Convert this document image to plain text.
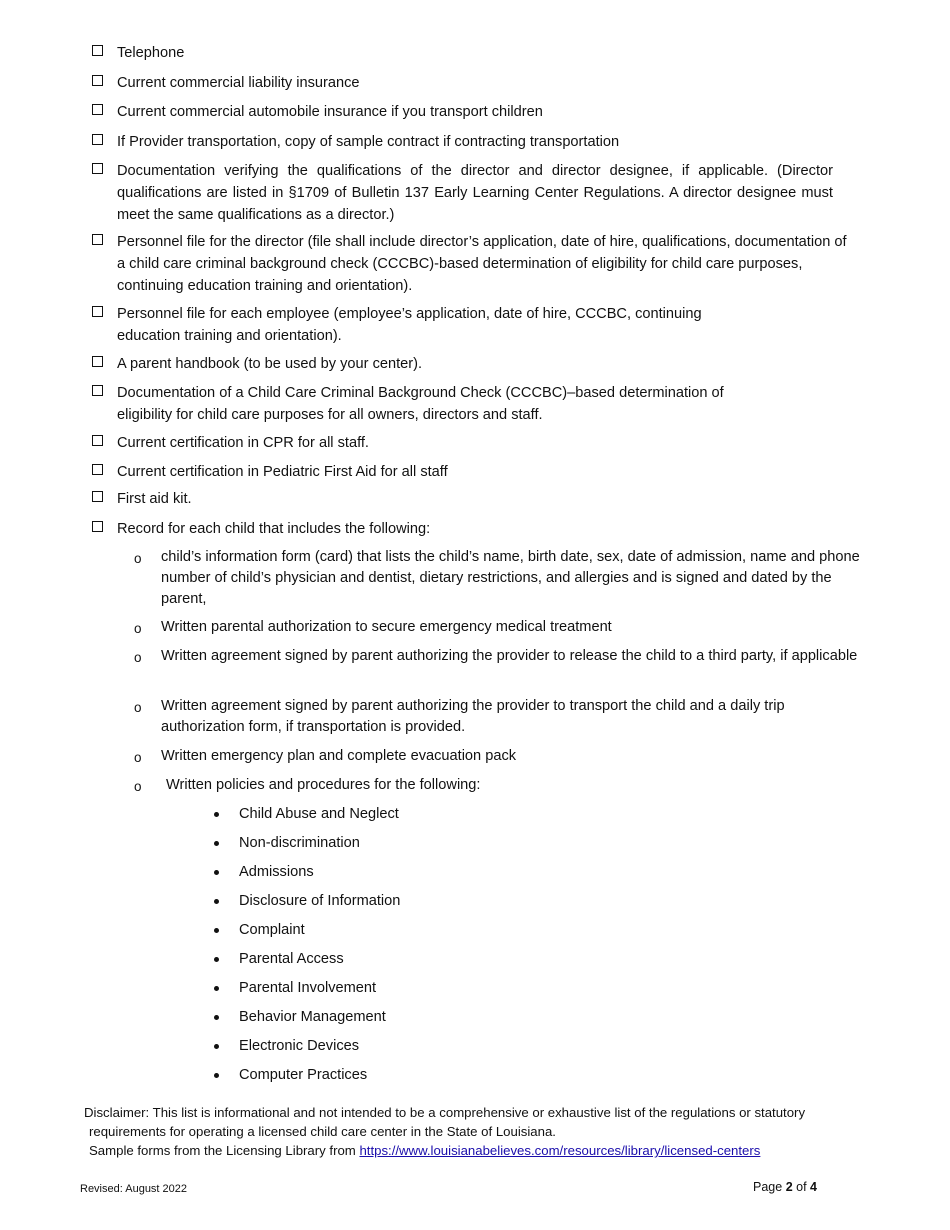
Telephone
Current commercial liability insurance
Current commercial automobile insurance if you transport children
If Provider transportation, copy of sample contract if contracting transportation
Documentation verifying the qualifications of the director and director designee, if applicable. (Director qualifications are listed in §1709 of Bulletin 137 Early Learning Center Regulations. A director designee must meet the same qualifications as a director.)
Personnel file for the director (file shall include director’s application, date of hire, qualifications, documentation of a child care criminal background check (CCCBC)-based determination of eligibility for child care purposes, continuing education training and orientation).
Personnel file for each employee (employee’s application, date of hire, CCCBC, continuing education training and orientation).
A parent handbook (to be used by your center).
Documentation of a Child Care Criminal Background Check (CCCBC)–based determination of eligibility for child care purposes for all owners, directors and staff.
Current certification in CPR for all staff.
Current certification in Pediatric First Aid for all staff
First aid kit.
Record for each child that includes the following:
o child’s information form (card) that lists the child’s name, birth date, sex, date of admission, name and phone number of child’s physician and dentist, dietary restrictions, and allergies and is signed and dated by the parent,
o Written parental authorization to secure emergency medical treatment
o Written agreement signed by parent authorizing the provider to release the child to a third party, if applicable
o Written agreement signed by parent authorizing the provider to transport the child and a daily trip authorization form, if transportation is provided.
o Written emergency plan and complete evacuation pack
o Written policies and procedures for the following:
Child Abuse and Neglect
Non-discrimination
Admissions
Disclosure of Information
Complaint
Parental Access
Parental Involvement
Behavior Management
Electronic Devices
Computer Practices
Disclaimer: This list is informational and not intended to be a comprehensive or exhaustive list of the regulations or statutory
requirements for operating a licensed child care center in the State of Louisiana.
Sample forms from the Licensing Library from https://www.louisianabelieves.com/resources/library/licensed-centers
Revised: August 2022	Page 2 of 4
